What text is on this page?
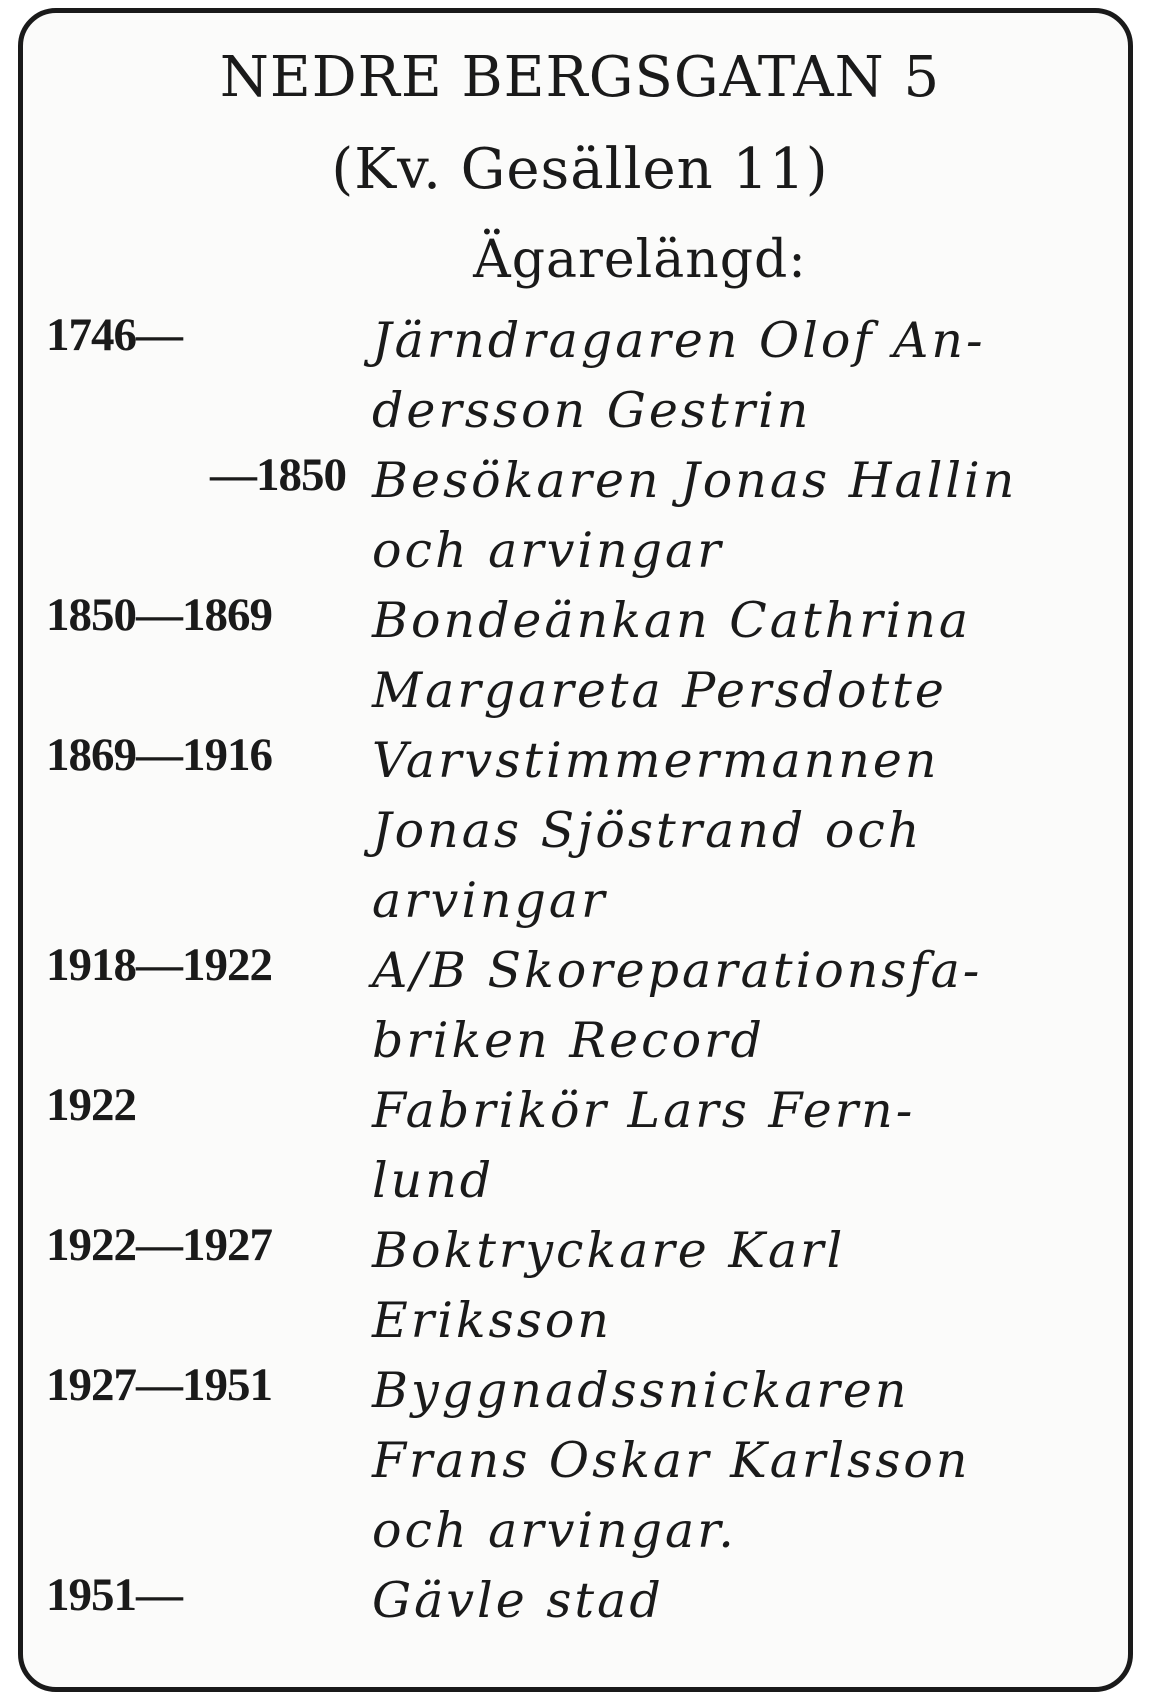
NEDRE BERGSGATAN 5
(Kv. Gesällen 11)
Ägarelängd:
1746—	Järndragaren Olof An-
dersson Gestrin
—1850 Besökaren Jonas Hallin
och arvingar
1850—1869	Bondeänkan Cathrina
Margareta Persdotte
1869—1916	Varvstimmermannen
Jonas Sjöstrand och
arvingar
1918—1922	A/B Skoreparationsfa-
briken Record
1922	Fabrikör Lars Fern-
lund
1922—1927	Boktryckare Karl
Eriksson
1927—1951	Byggnadssnickaren
Frans Oskar Karlsson
och arvingar.
1951—	Gävle stad
